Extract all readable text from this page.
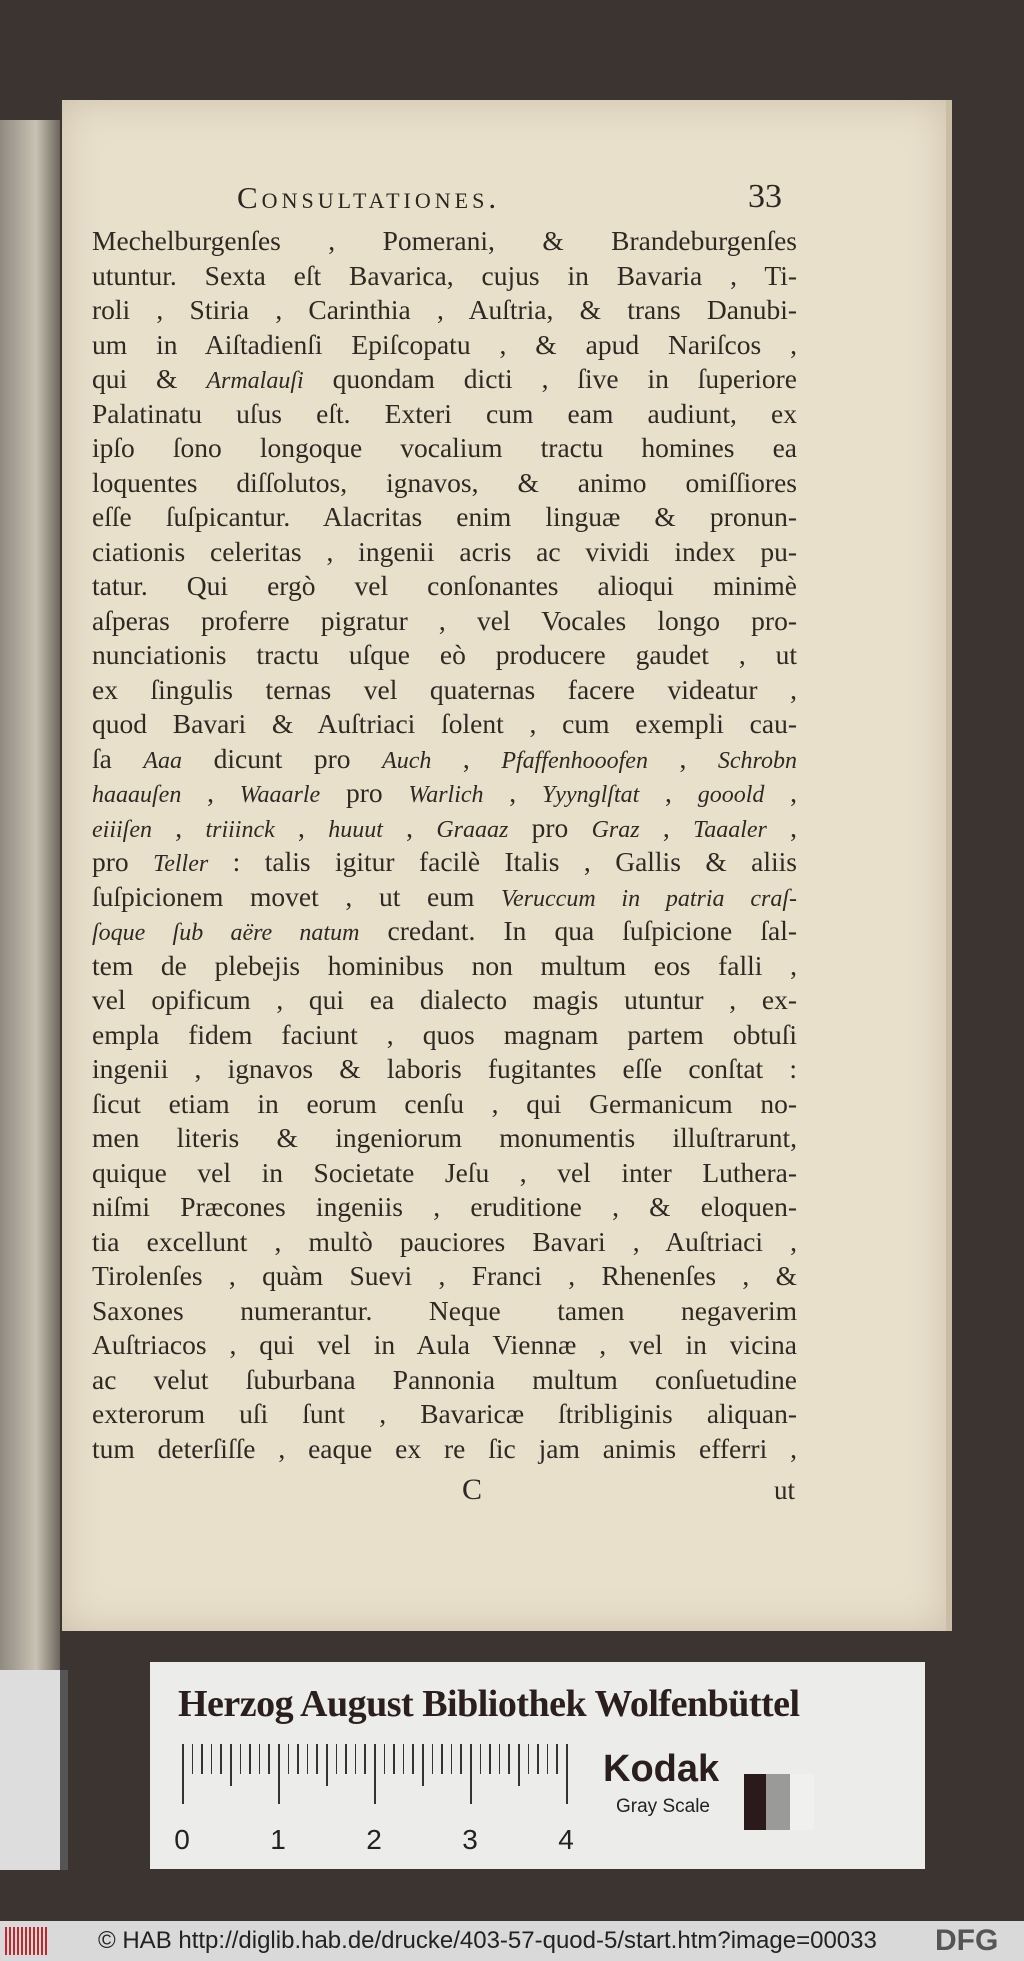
Consultationes.	33
Mechelburgenſes , Pomerani, & Brandeburgenſes
utuntur. Sexta eſt Bavarica, cujus in Bavaria , Ti-
roli , Stiria , Carinthia , Auſtria, & trans Danubi-
um in Aiſtadienſi Epiſcopatu , & apud Nariſcos ,
qui & Armalauſi quondam dicti , ſive in ſuperiore
Palatinatu uſus eſt. Exteri cum eam audiunt, ex
ipſo ſono longoque vocalium tractu homines ea
loquentes diſſolutos, ignavos, & animo omiſſiores
eſſe ſuſpicantur. Alacritas enim linguæ & pronun-
ciationis celeritas , ingenii acris ac vividi index pu-
tatur. Qui ergò vel conſonantes alioqui minimè
aſperas proferre pigratur , vel Vocales longo pro-
nunciationis tractu uſque eò producere gaudet , ut
ex ſingulis ternas vel quaternas facere videatur ,
quod Bavari & Auſtriaci ſolent , cum exempli cau-
ſa Aaa dicunt pro Auch , Pfaffenhooofen , Schrobn
haaauſen , Waaarle pro Warlich , Yyynglſtat , gooold ,
eiiiſen , triiinck , huuut , Graaaz pro Graz , Taaaler ,
pro Teller : talis igitur facilè Italis , Gallis & aliis
ſuſpicionem movet , ut eum Veruccum in patria craſ-
ſoque ſub aëre natum credant. In qua ſuſpicione ſal-
tem de plebejis hominibus non multum eos falli ,
vel opificum , qui ea dialecto magis utuntur , ex-
empla fidem faciunt , quos magnam partem obtuſi
ingenii , ignavos & laboris fugitantes eſſe conſtat :
ſicut etiam in eorum cenſu , qui Germanicum no-
men literis & ingeniorum monumentis illuſtrarunt,
quique vel in Societate Jeſu , vel inter Luthera-
niſmi Præcones ingeniis , eruditione , & eloquen-
tia excellunt , multò pauciores Bavari , Auſtriaci ,
Tirolenſes , quàm Suevi , Franci , Rhenenſes , &
Saxones numerantur. Neque tamen negaverim
Auſtriacos , qui vel in Aula Viennæ , vel in vicina
ac velut ſuburbana Pannonia multum conſuetudine
exterorum uſi ſunt , Bavaricæ ſtribliginis aliquan-
tum deterſiſſe , eaque ex re ſic jam animis efferri ,
C	ut
Herzog August Bibliothek Wolfenbüttel
0	1	2	3	4
Kodak
Gray Scale
© HAB http://diglib.hab.de/drucke/403-57-quod-5/start.htm?image=00033 DFG
